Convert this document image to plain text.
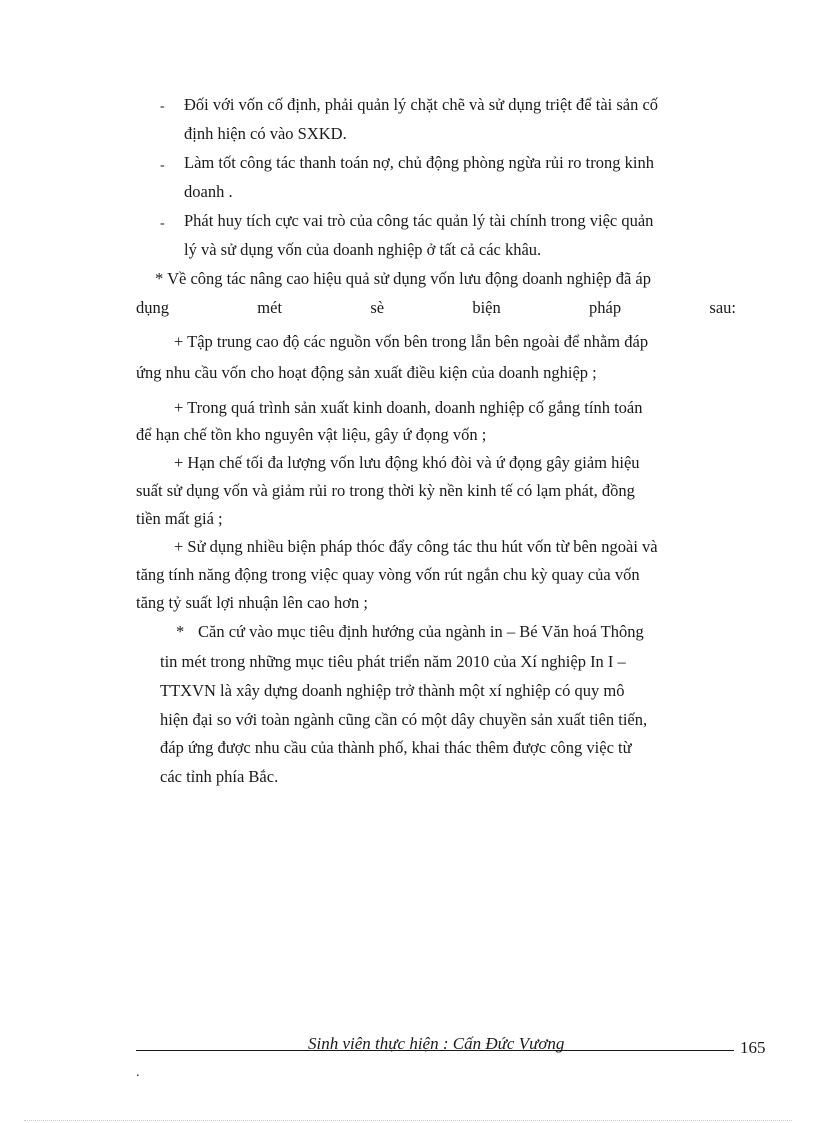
- Đối với vốn cố định, phải quản lý chặt chẽ và sử dụng triệt để tài sản cố
định hiện có vào SXKD.
- Làm tốt công tác thanh toán nợ, chủ động phòng ngừa rủi ro trong kinh
doanh .
- Phát huy tích cực vai trò của công tác quản lý tài chính trong việc quản
lý và sử dụng vốn của doanh nghiệp ở tất cả các khâu.
* Về công tác nâng cao hiệu quả sử dụng vốn lưu động doanh nghiệp đã áp
dụng	mét	sè	biện	pháp	sau:
+ Tập trung cao độ các nguồn vốn bên trong lẫn bên ngoài để nhằm đáp
ứng nhu cầu vốn cho hoạt động sản xuất điều kiện của doanh nghiệp ;
+ Trong quá trình sản xuất kinh doanh, doanh nghiệp cố gắng tính toán
để hạn chế tồn kho nguyên vật liệu, gây ứ đọng vốn ;
+ Hạn chế tối đa lượng vốn lưu động khó đòi và ứ đọng gây giảm hiệu
suất sử dụng vốn và giảm rủi ro trong thời kỳ nền kinh tế có lạm phát, đồng
tiền mất giá ;
+ Sử dụng nhiều biện pháp thóc đẩy công tác thu hút vốn từ bên ngoài và
tăng tính năng động trong việc quay vòng vốn rút ngắn chu kỳ quay của vốn
tăng tỷ suất lợi nhuận lên cao hơn ;
* Căn cứ vào mục tiêu định hướng của ngành in – Bé Văn hoá Thông
tin mét trong những mục tiêu phát triển năm 2010 của Xí nghiệp In I –
TTXVN là xây dựng doanh nghiệp trở thành một xí nghiệp có quy mô
hiện đại so với toàn ngành cũng cần có một dây chuyền sản xuất tiên tiến,
đáp ứng được nhu cầu của thành phố, khai thác thêm được công việc từ
các tỉnh phía Bắc.
Sinh viên thực hiện : Cấn Đức Vương	165
.
